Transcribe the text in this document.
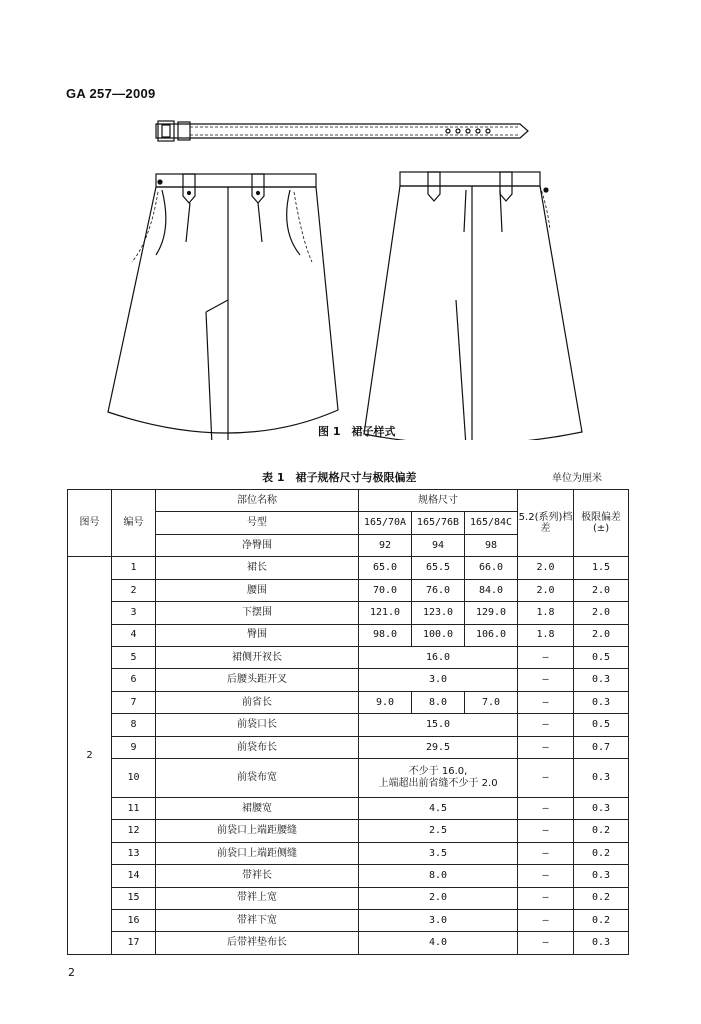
GA 257—2009
图 1　裙子样式
表 1　裙子规格尺寸与极限偏差	单位为厘米
图号	编号	部位名称	规格尺寸			5.2(系列)档差	极限偏差(±)
		号型	165/70A	165/76B	165/84C		
		净臀围	92	94	98		
2	1	裙长	65.0	65.5	66.0	2.0	1.5
	2	腰围	70.0	76.0	84.0	2.0	2.0
	3	下摆围	121.0	123.0	129.0	1.8	2.0
	4	臀围	98.0	100.0	106.0	1.8	2.0
	5	裙侧开衩长	16.0			—	0.5
	6	后腰头距开叉	3.0			—	0.3
	7	前省长	9.0	8.0	7.0	—	0.3
	8	前袋口长	15.0			—	0.5
	9	前袋布长	29.5			—	0.7
	10	前袋布宽	不少于 16.0,
上端超出前省缝不少于 2.0			—	0.3
	11	裙腰宽	4.5			—	0.3
	12	前袋口上端距腰缝	2.5			—	0.2
	13	前袋口上端距侧缝	3.5			—	0.2
	14	带袢长	8.0			—	0.3
	15	带袢上宽	2.0			—	0.2
	16	带袢下宽	3.0			—	0.2
	17	后带袢垫布长	4.0			—	0.3
2
